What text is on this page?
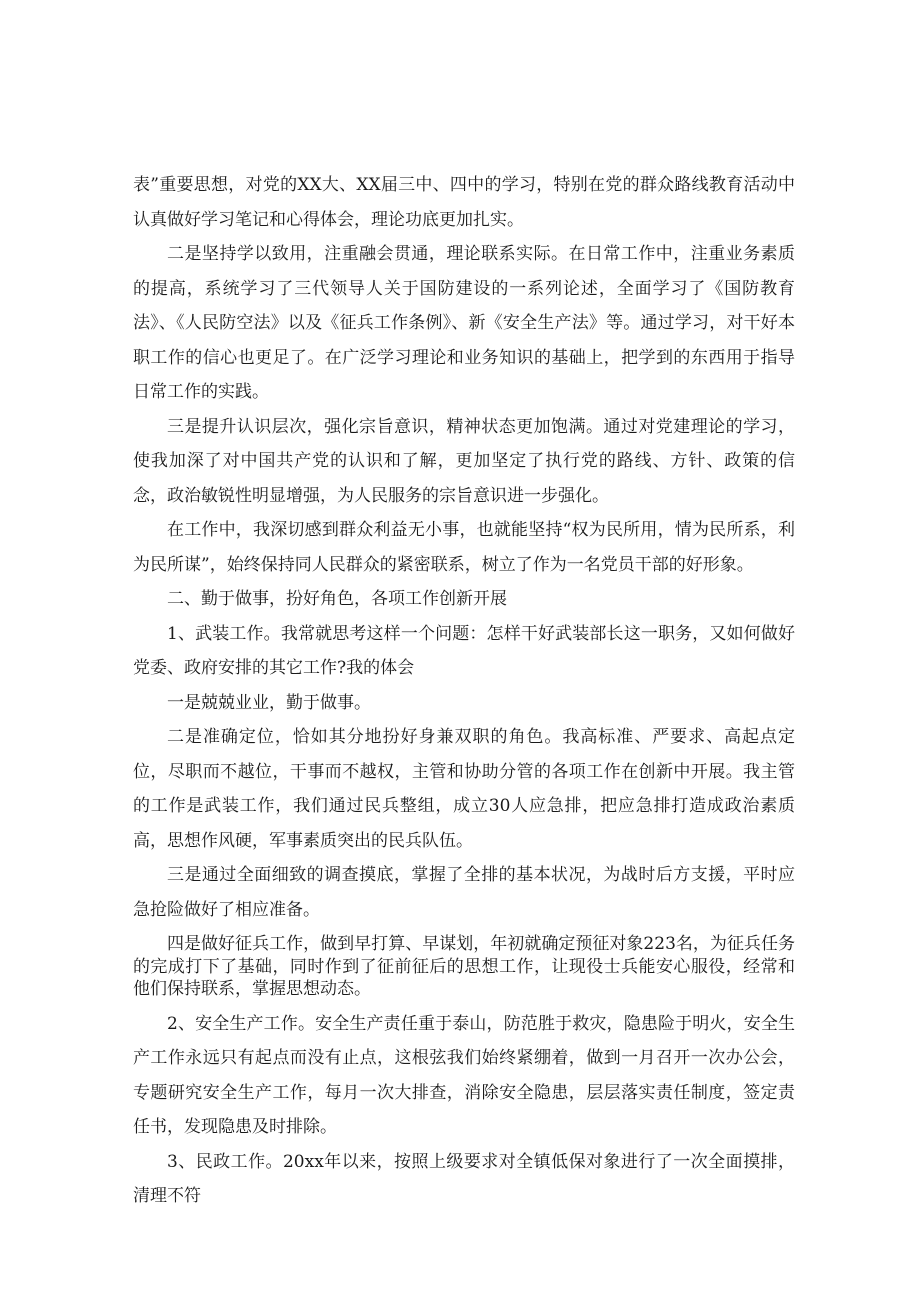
表”重要思想，对党的XX大、XX届三中、四中的学习，特别在党的群众路线教育活动中认真做好学习笔记和心得体会，理论功底更加扎实。

二是坚持学以致用，注重融会贯通，理论联系实际。在日常工作中，注重业务素质的提高，系统学习了三代领导人关于国防建设的一系列论述，全面学习了《国防教育法》、《人民防空法》以及《征兵工作条例》、新《安全生产法》等。通过学习，对干好本职工作的信心也更足了。在广泛学习理论和业务知识的基础上，把学到的东西用于指导日常工作的实践。

三是提升认识层次，强化宗旨意识，精神状态更加饱满。通过对党建理论的学习，使我加深了对中国共产党的认识和了解，更加坚定了执行党的路线、方针、政策的信念，政治敏锐性明显增强，为人民服务的宗旨意识进一步强化。

在工作中，我深切感到群众利益无小事，也就能坚持“权为民所用，情为民所系，利为民所谋”，始终保持同人民群众的紧密联系，树立了作为一名党员干部的好形象。

二、勤于做事，扮好角色，各项工作创新开展

1、武装工作。我常就思考这样一个问题：怎样干好武装部长这一职务，又如何做好党委、政府安排的其它工作?我的体会

一是兢兢业业，勤于做事。

二是准确定位，恰如其分地扮好身兼双职的角色。我高标准、严要求、高起点定位，尽职而不越位，干事而不越权，主管和协助分管的各项工作在创新中开展。我主管的工作是武装工作，我们通过民兵整组，成立30人应急排，把应急排打造成政治素质高，思想作风硬，军事素质突出的民兵队伍。

三是通过全面细致的调查摸底，掌握了全排的基本状况，为战时后方支援，平时应急抢险做好了相应准备。

四是做好征兵工作，做到早打算、早谋划，年初就确定预征对象223名，为征兵任务的完成打下了基础，同时作到了征前征后的思想工作，让现役士兵能安心服役，经常和他们保持联系，掌握思想动态。

2、安全生产工作。安全生产责任重于泰山，防范胜于救灾，隐患险于明火，安全生产工作永远只有起点而没有止点，这根弦我们始终紧绷着，做到一月召开一次办公会，专题研究安全生产工作，每月一次大排查，消除安全隐患，层层落实责任制度，签定责任书，发现隐患及时排除。

3、民政工作。20xx年以来，按照上级要求对全镇低保对象进行了一次全面摸排，清理不符
